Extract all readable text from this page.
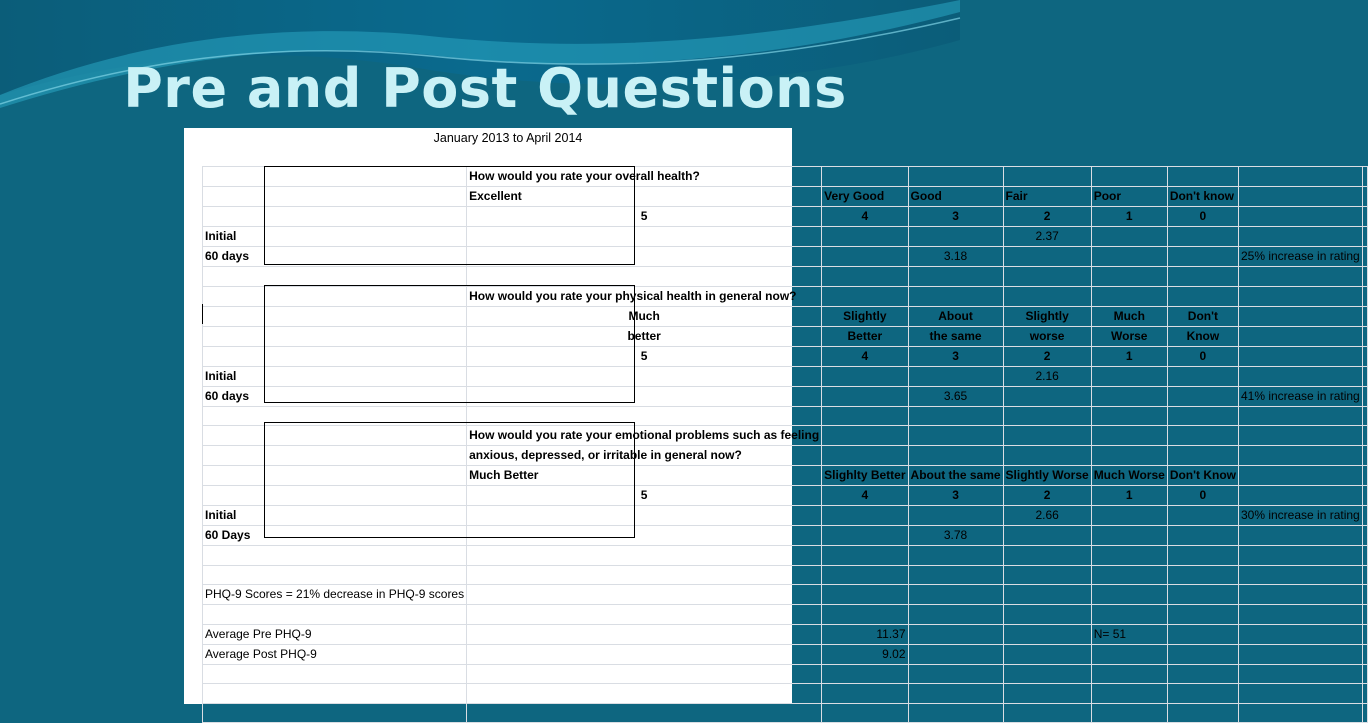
Pre and Post Questions
January 2013 to April 2014
	How would you rate your overall health?							
	Excellent	Very Good	Good	Fair	Poor	Don't know		
	5	4	3	2	1	0		
Initial				2.37				
60 days			3.18				25% increase in rating	

	How would you rate your physical health in general now?							
	Much	Slightly	About	Slightly	Much	Don't		
	better	Better	the same	worse	Worse	Know		
	5	4	3	2	1	0		
Initial				2.16				
60 days			3.65				41% increase in rating	

	How would you rate your emotional problems such as feeling							
	anxious, depressed, or irritable in general now?							
	Much Better	Slighlty Better	About the same	Slightly Worse	Much Worse	Don't Know		
	5	4	3	2	1	0		
Initial				2.66			30% increase in rating	
60 Days			3.78					

PHQ-9 Scores = 21% decrease in PHQ-9 scores								

Average Pre PHQ-9		11.37			N= 51			
Average Post PHQ-9		9.02						
